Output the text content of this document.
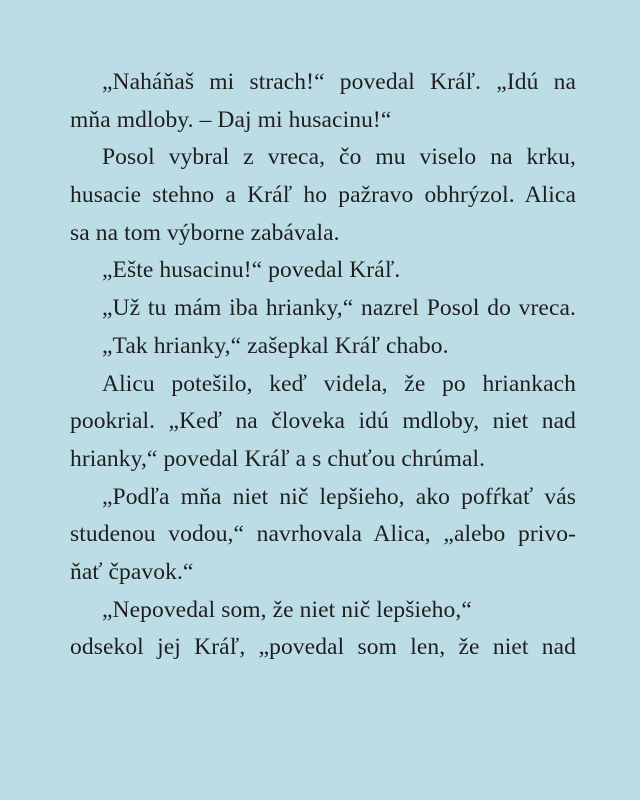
„Naháňaš mi strach!“ povedal Kráľ. „Idú na
mňa mdloby. – Daj mi husacinu!“
Posol vybral z vreca, čo mu viselo na krku,
husacie stehno a Kráľ ho pažravo obhrýzol. Alica
sa na tom výborne zabávala.
„Ešte husacinu!“ povedal Kráľ.
„Už tu mám iba hrianky,“ nazrel Posol do vreca.
„Tak hrianky,“ zašepkal Kráľ chabo.
Alicu potešilo, keď videla, že po hriankach
pookrial. „Keď na človeka idú mdloby, niet nad
hrianky,“ povedal Kráľ a s chuťou chrúmal.
„Podľa mňa niet nič lepšieho, ako pofŕkať vás
studenou vodou,“ navrhovala Alica, „alebo privo-
ňať čpavok.“
„Nepovedal som, že niet nič lepšieho,“
odsekol jej Kráľ, „povedal som len, že niet nad
